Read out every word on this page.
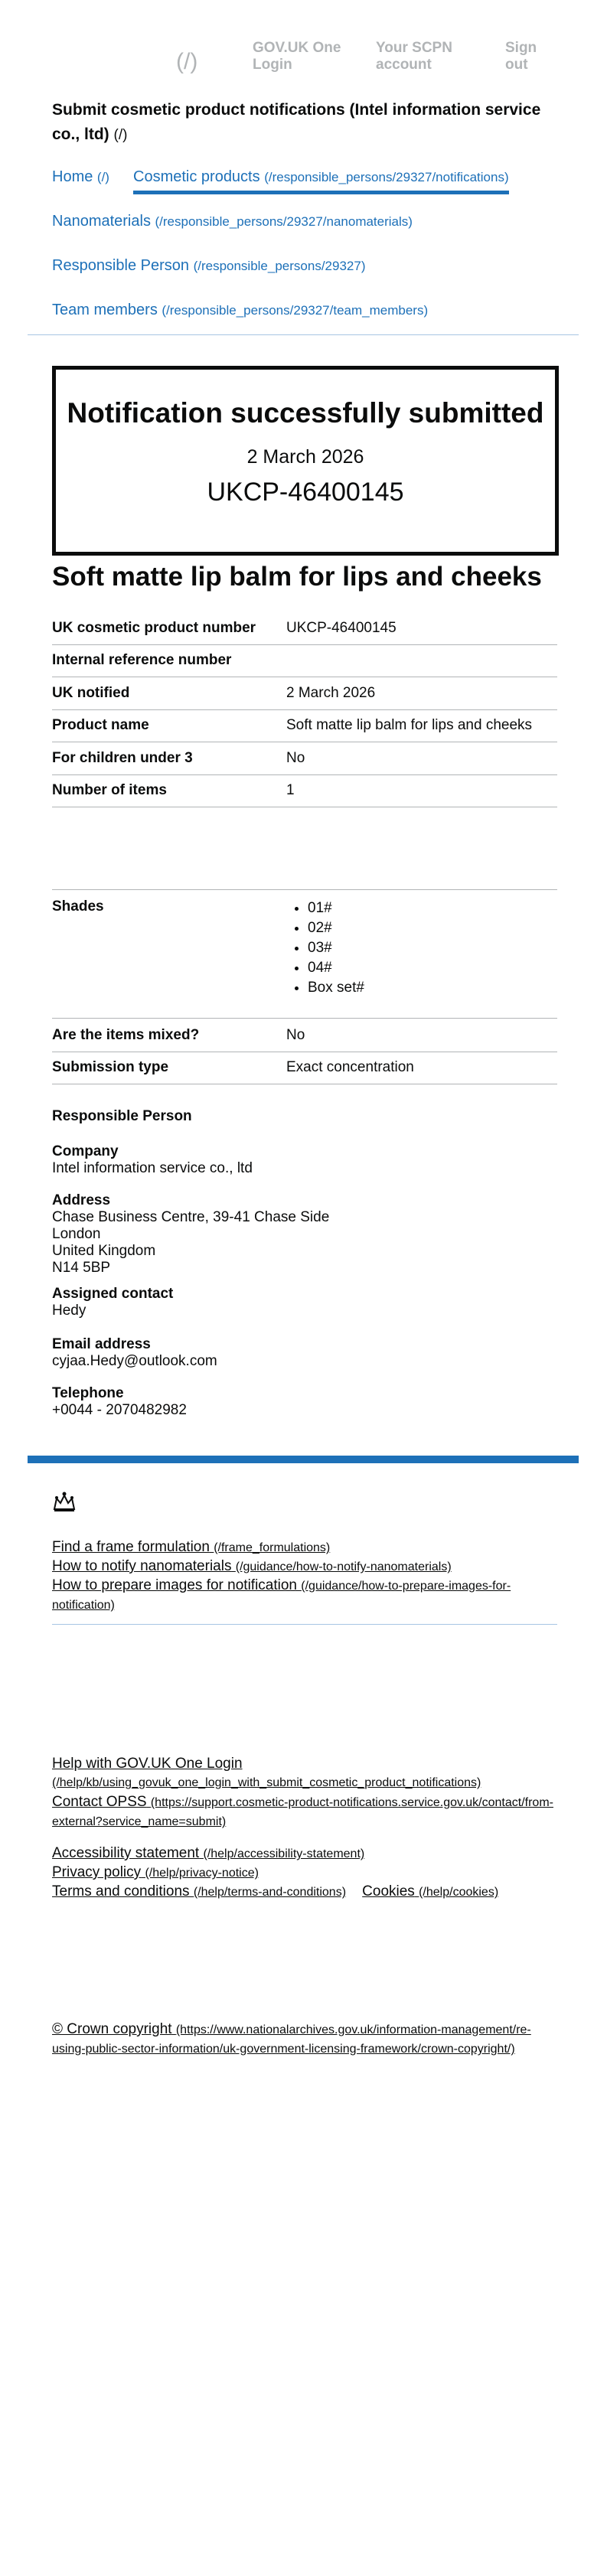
(/)
GOV.UK One Login
Your SCPN account
Sign out
Submit cosmetic product notifications (Intel information service co., ltd) (/)
Home (/) Cosmetic products (/responsible_persons/29327/notifications)
Nanomaterials (/responsible_persons/29327/nanomaterials)
Responsible Person (/responsible_persons/29327)
Team members (/responsible_persons/29327/team_members)
Notification successfully submitted
2 March 2026
UKCP-46400145
Soft matte lip balm for lips and cheeks
UK cosmetic product number UKCP-46400145
Internal reference number
UK notified	2 March 2026
Product name	Soft matte lip balm for lips and cheeks
For children under 3	No
Number of items	1
Shades
•	01#
• 02#
• 03#
• 04#
• Box set#
Are the items mixed?	No
Submission type	Exact concentration
Responsible Person
Company
Intel information service co., ltd
Address
Chase Business Centre, 39-41 Chase Side
London
United Kingdom
N14 5BP
Assigned contact
Hedy
Email address
cyjaa.Hedy@outlook.com
Telephone
+0044 - 2070482982
Find a frame formulation (/frame_formulations)
How to notify nanomaterials (/guidance/how-to-notify-nanomaterials)
How to prepare images for notification (/guidance/how-to-prepare-images-for-notification)
Help with GOV.UK One Login
(/help/kb/using_govuk_one_login_with_submit_cosmetic_product_notifications)
Contact OPSS (https://support.cosmetic-product-notifications.service.gov.uk/contact/from-external?service_name=submit)
Accessibility statement (/help/accessibility-statement)
Privacy policy (/help/privacy-notice)
Terms and conditions (/help/terms-and-conditions) Cookies (/help/cookies)
© Crown copyright (https://www.nationalarchives.gov.uk/information-management/re-using-public-sector-information/uk-government-licensing-framework/crown-copyright/)
